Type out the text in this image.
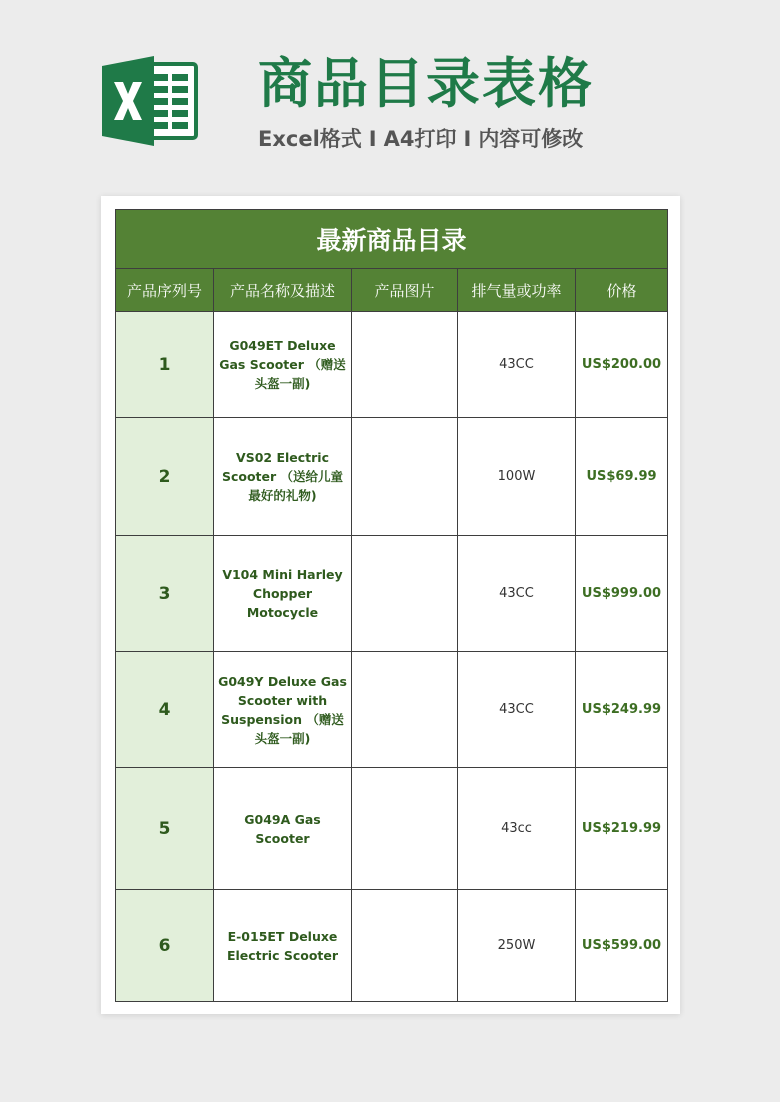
商品目录表格
Excel格式 I A4打印 I 内容可修改
最新商品目录				
产品序列号	产品名称及描述	产品图片	排气量或功率	价格
1	G049ET Deluxe Gas Scooter （赠送头盔一副)		43CC	US$200.00
2	VS02 Electric Scooter （送给儿童最好的礼物)		100W	US$69.99
3	V104 Mini Harley Chopper Motocycle		43CC	US$999.00
4	G049Y Deluxe Gas Scooter with Suspension （赠送头盔一副)		43CC	US$249.99
5	G049A Gas Scooter		43cc	US$219.99
6	E-015ET Deluxe Electric Scooter		250W	US$599.00
